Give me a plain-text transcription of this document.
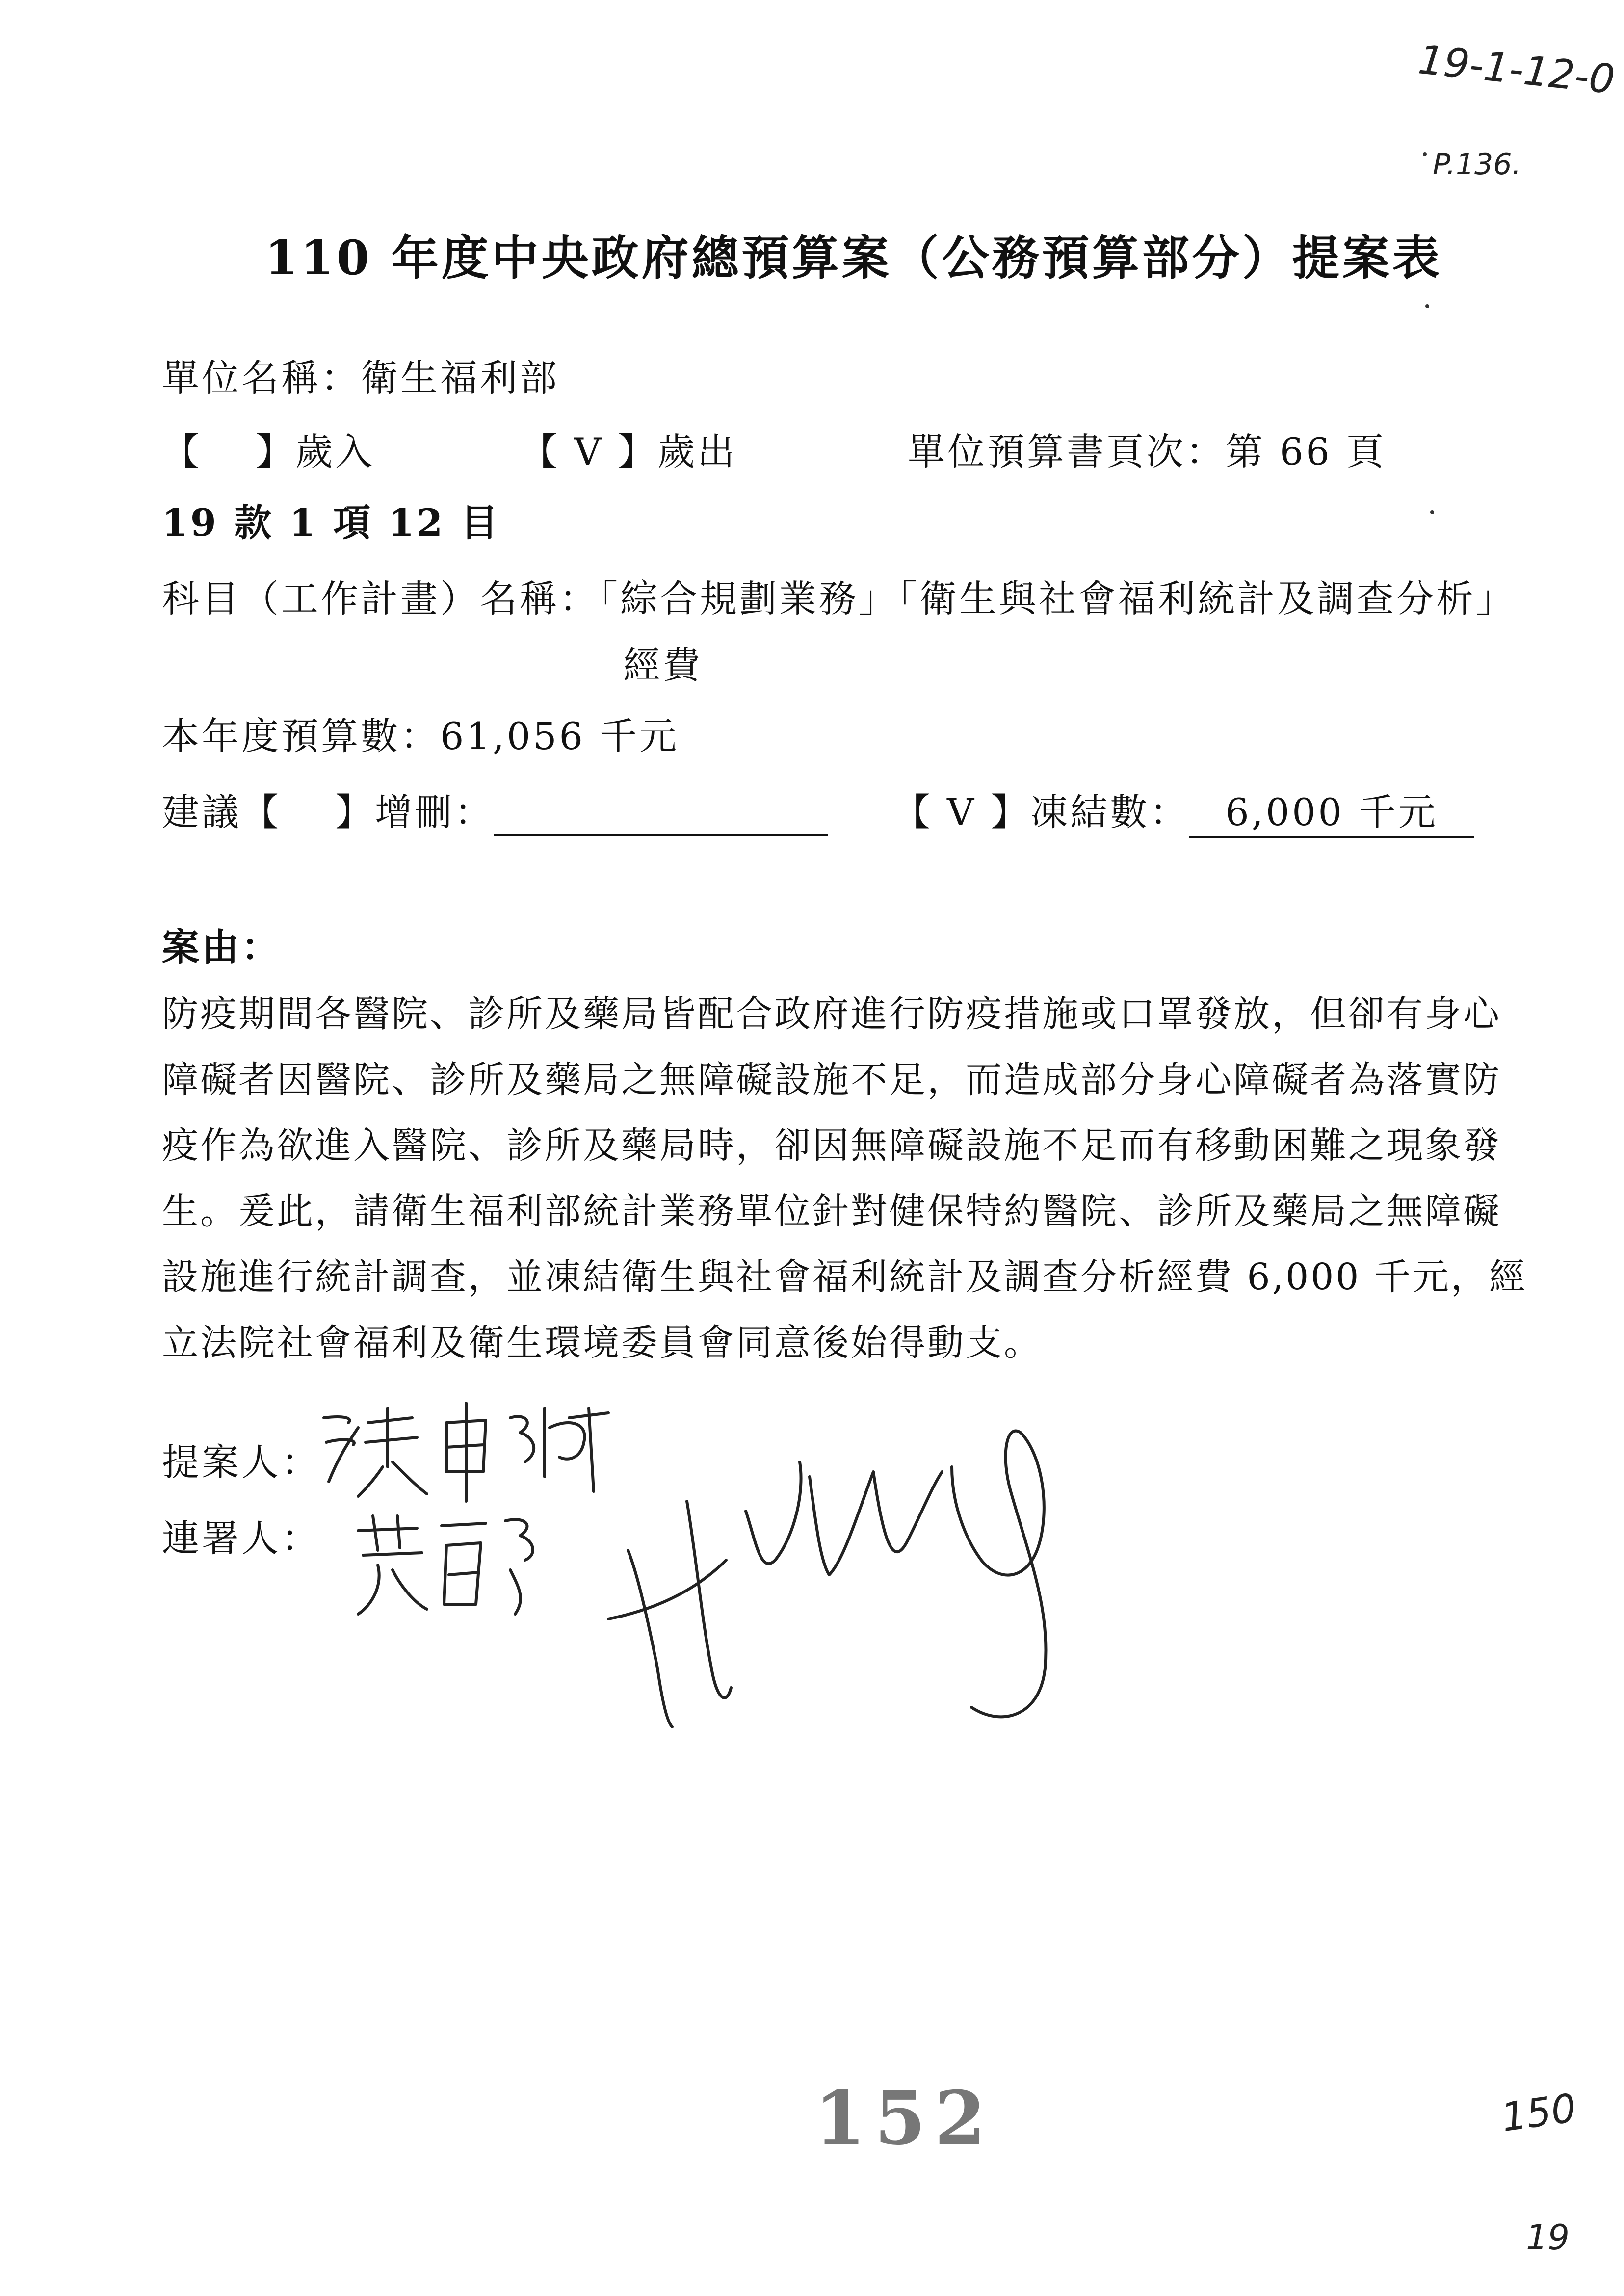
19-1-12-0
P.136.
110 年度中央政府總預算案（公務預算部分）提案表
單位名稱：衛生福利部
【　 】歲入	【 V 】歲出	單位預算書頁次：第 66 頁
19 款 1 項 12 目
科目（工作計畫）名稱：「綜合規劃業務」「衛生與社會福利統計及調查分析」
經費
本年度預算數：61,056 千元
建議【　 】增刪：	【 V 】凍結數： 6,000 千元
案由：
防疫期間各醫院、診所及藥局皆配合政府進行防疫措施或口罩發放，但卻有身心
障礙者因醫院、診所及藥局之無障礙設施不足，而造成部分身心障礙者為落實防
疫作為欲進入醫院、診所及藥局時，卻因無障礙設施不足而有移動困難之現象發
生。爰此，請衛生福利部統計業務單位針對健保特約醫院、診所及藥局之無障礙
設施進行統計調查，並凍結衛生與社會福利統計及調查分析經費 6,000 千元，經
立法院社會福利及衛生環境委員會同意後始得動支。
提案人：
連署人：
152	150
19
